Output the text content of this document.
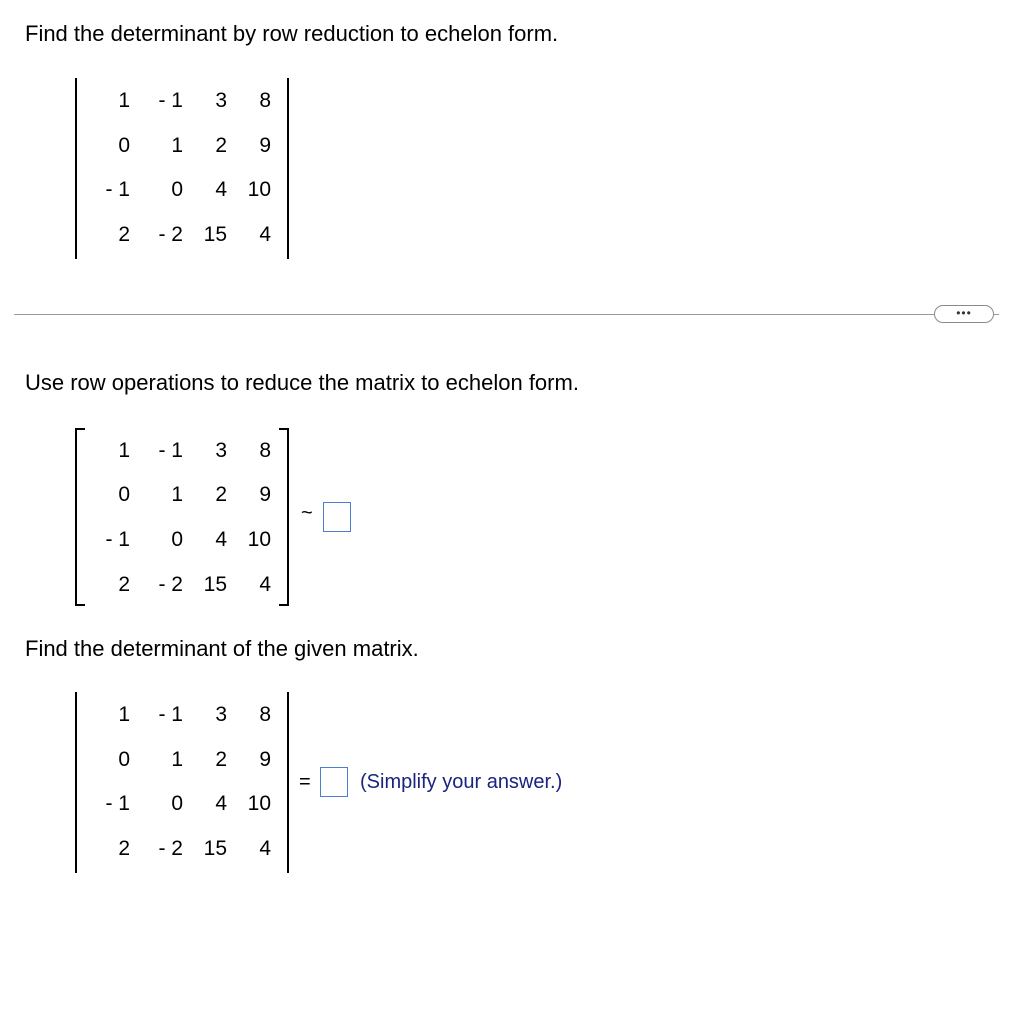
Find the determinant by row reduction to echelon form.
1	- 1	3	8
0	1	2	9
- 1	0	4 10
2	- 2 15	4
•••
Use row operations to reduce the matrix to echelon form.
1	- 1	3	8
0	1	2	9
- 1	0	4 10
2	- 2 15	4
~
Find the determinant of the given matrix.
1	- 1	3	8
0	1	2	9
- 1	0	4 10
2	- 2 15	4
= (Simplify your answer.)
